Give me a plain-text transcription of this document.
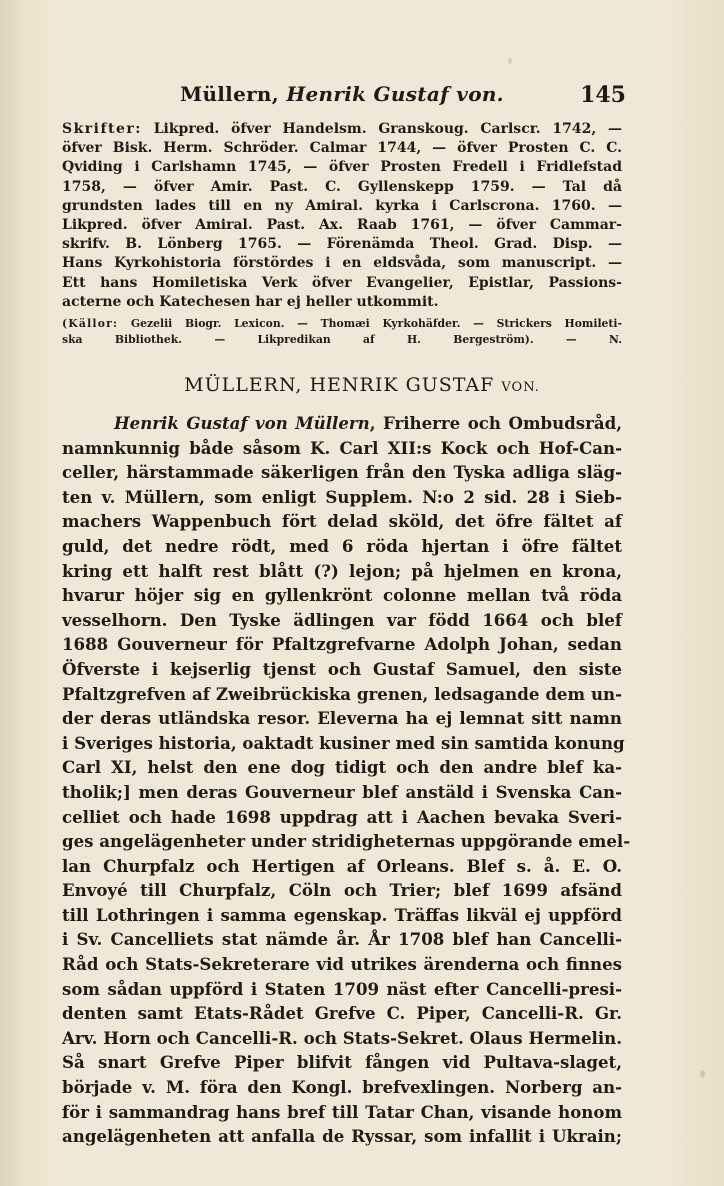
Müllern, Henrik Gustaf von.	145
Skrifter: Likpred. öfver Handelsm. Granskoug. Carlscr. 1742, —
öfver Bisk. Herm. Schröder. Calmar 1744, — öfver Prosten C. C.
Qviding i Carlshamn 1745, — öfver Prosten Fredell i Fridlefstad
1758, — öfver Amir. Past. C. Gyllenskepp 1759. — Tal då
grundsten lades till en ny Amiral. kyrka i Carlscrona. 1760. —
Likpred. öfver Amiral. Past. Ax. Raab 1761, — öfver Cammar-
skrifv. B. Lönberg 1765. — Förenämda Theol. Grad. Disp. —
Hans Kyrkohistoria förstördes i en eldsvåda, som manuscript. —
Ett hans Homiletiska Verk öfver Evangelier, Epistlar, Passions-
acterne och Katechesen har ej heller utkommit.
(Källor: Gezelii Biogr. Lexicon. — Thomæi Kyrkohäfder. — Strickers Homileti-
ska Bibliothek. — Likpredikan af H. Bergeström). — N.
MÜLLERN, HENRIK GUSTAF VON.
Henrik Gustaf von Müllern, Friherre och Ombudsråd,
namnkunnig både såsom K. Carl XII:s Kock och Hof-Can-
celler, härstammade säkerligen från den Tyska adliga släg-
ten v. Müllern, som enligt Supplem. N:o 2 sid. 28 i Sieb-
machers Wappenbuch fört delad sköld, det öfre fältet af
guld, det nedre rödt, med 6 röda hjertan i öfre fältet
kring ett halft rest blått (?) lejon; på hjelmen en krona,
hvarur höjer sig en gyllenkrönt colonne mellan två röda
vesselhorn. Den Tyske ädlingen var född 1664 och blef
1688 Gouverneur för Pfaltzgrefvarne Adolph Johan, sedan
Öfverste i kejserlig tjenst och Gustaf Samuel, den siste
Pfaltzgrefven af Zweibrückiska grenen, ledsagande dem un-
der deras utländska resor. Eleverna ha ej lemnat sitt namn
i Sveriges historia, oaktadt kusiner med sin samtida konung
Carl XI, helst den ene dog tidigt och den andre blef ka-
tholik;] men deras Gouverneur blef anstäld i Svenska Can-
celliet och hade 1698 uppdrag att i Aachen bevaka Sveri-
ges angelägenheter under stridigheternas uppgörande emel-
lan Churpfalz och Hertigen af Orleans. Blef s. å. E. O.
Envoyé till Churpfalz, Cöln och Trier; blef 1699 afsänd
till Lothringen i samma egenskap. Träffas likväl ej uppförd
i Sv. Cancelliets stat nämde år. År 1708 blef han Cancelli-
Råd och Stats-Sekreterare vid utrikes ärenderna och finnes
som sådan uppförd i Staten 1709 näst efter Cancelli-presi-
denten samt Etats-Rådet Grefve C. Piper, Cancelli-R. Gr.
Arv. Horn och Cancelli-R. och Stats-Sekret. Olaus Hermelin.
Så snart Grefve Piper blifvit fången vid Pultava-slaget,
började v. M. föra den Kongl. brefvexlingen. Norberg an-
för i sammandrag hans bref till Tatar Chan, visande honom
angelägenheten att anfalla de Ryssar, som infallit i Ukrain;
